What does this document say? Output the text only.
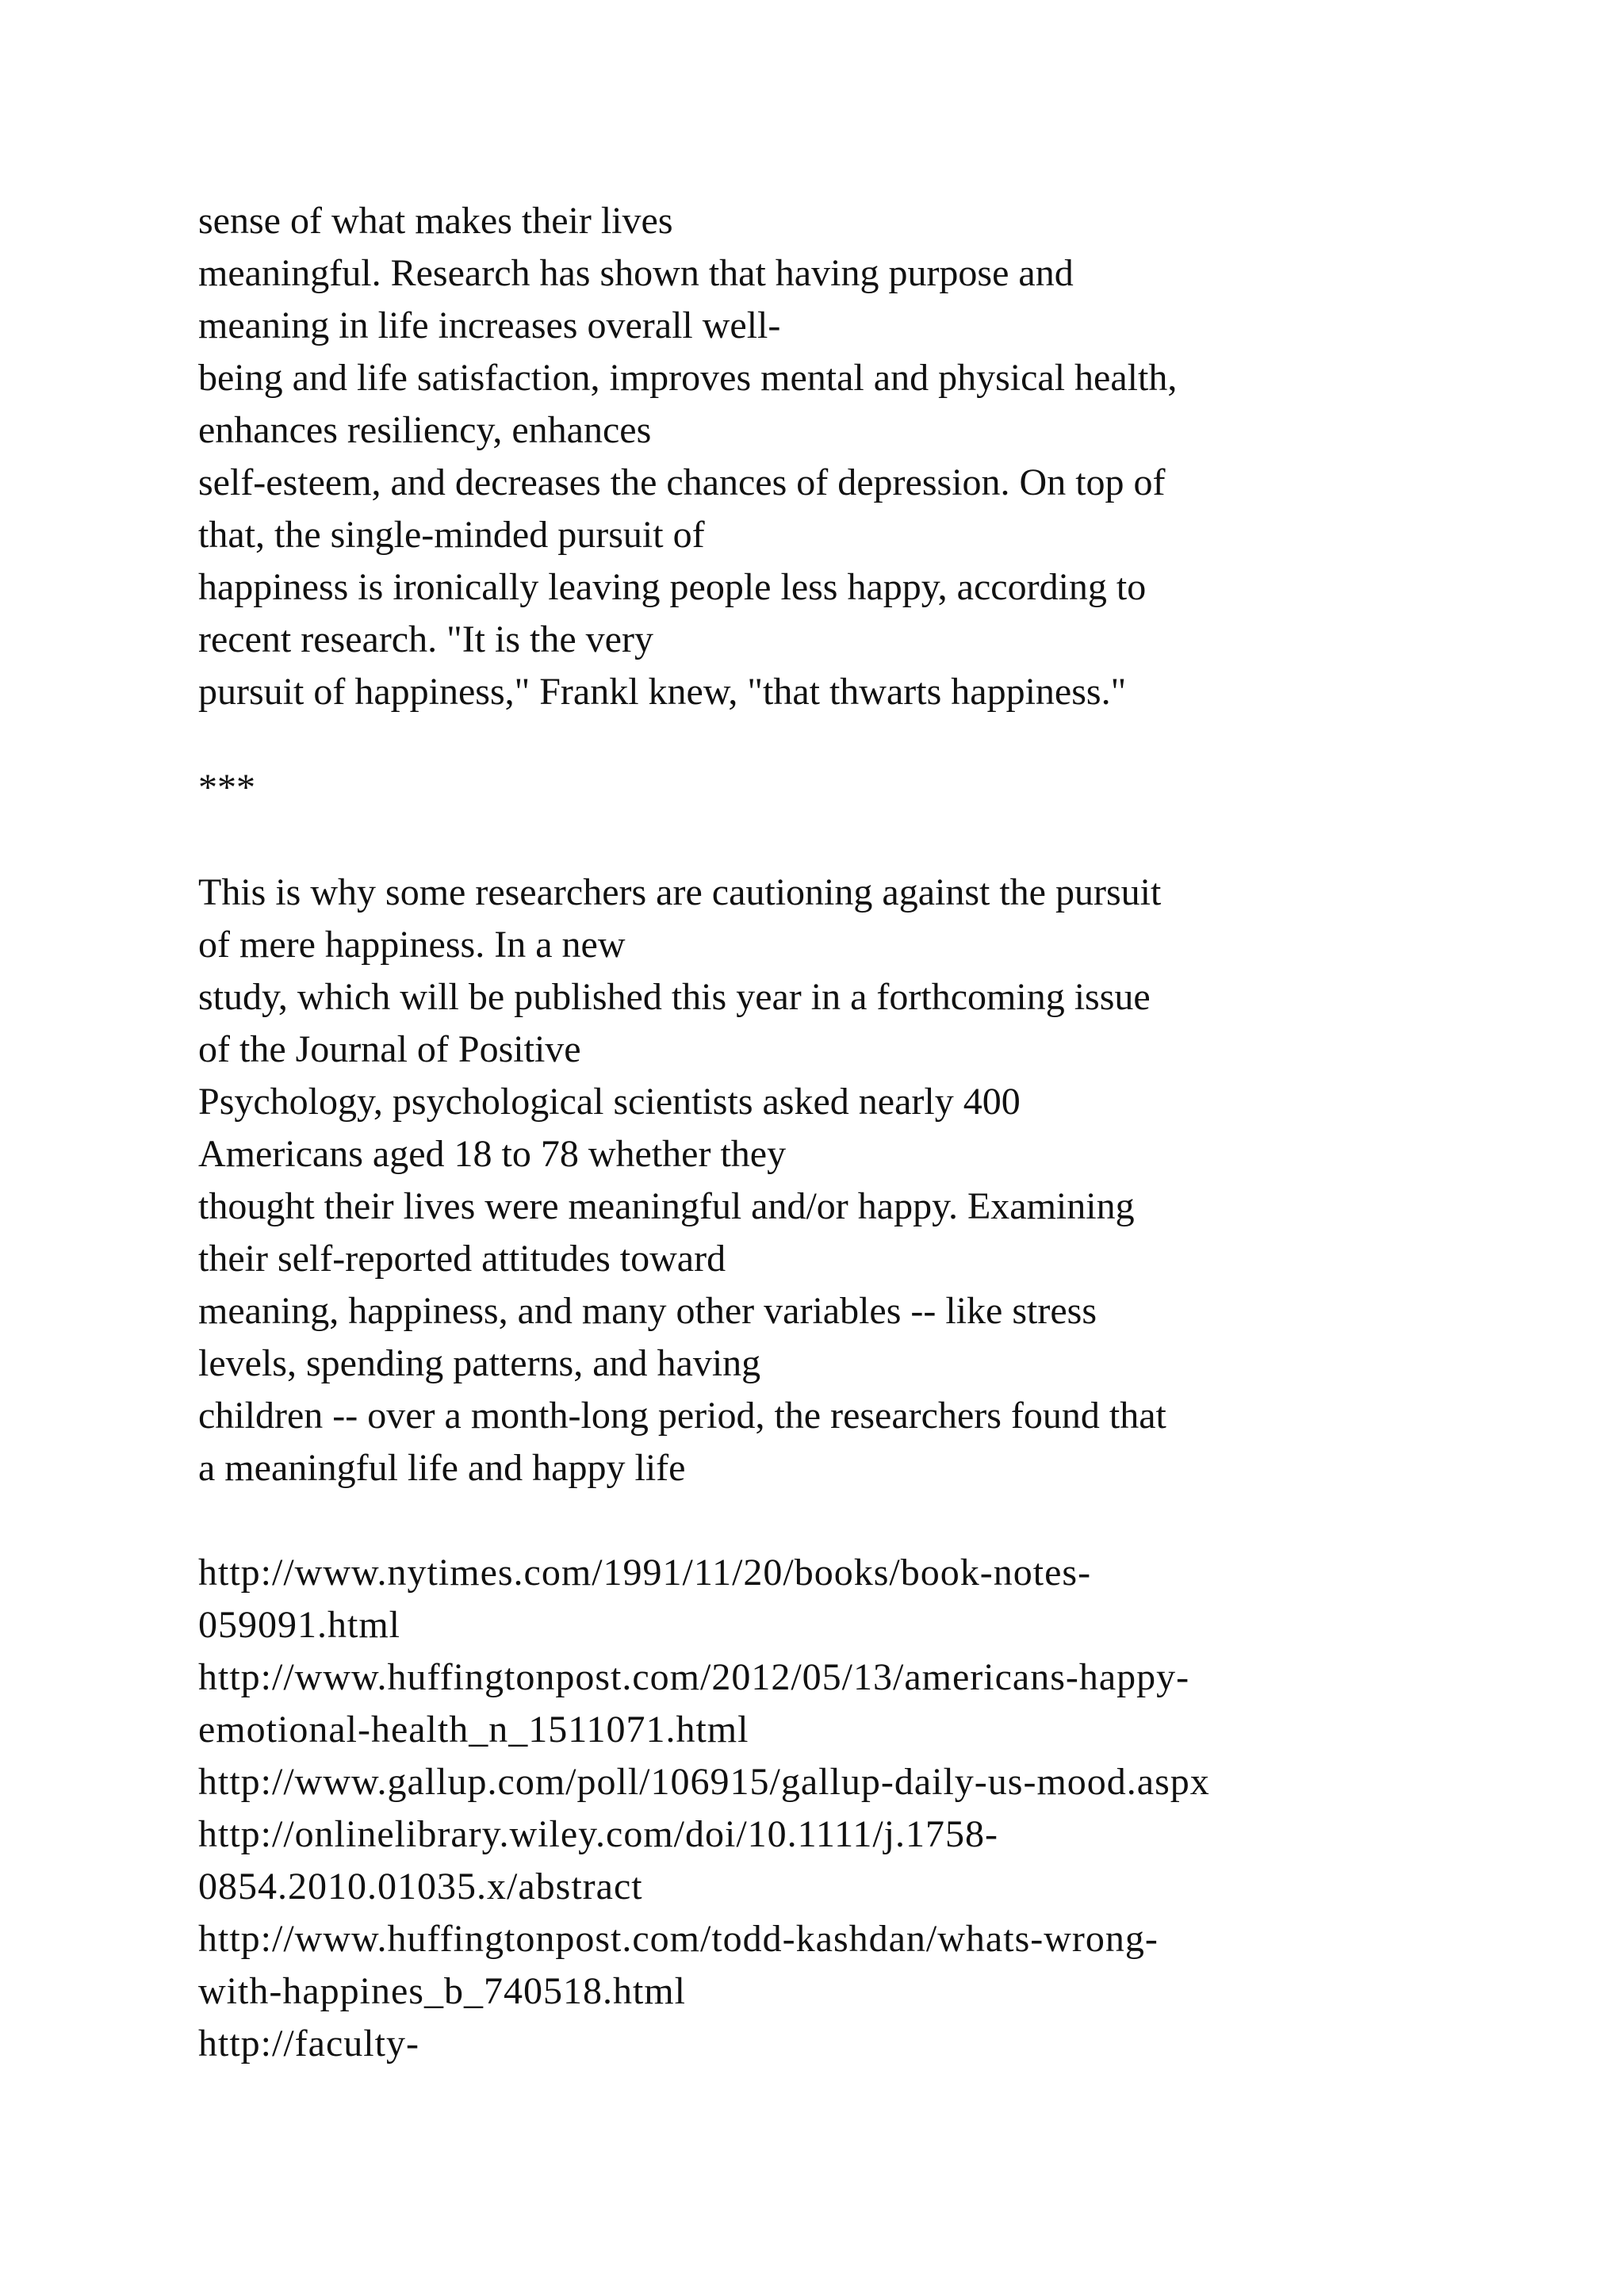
sense of what makes their lives
meaningful. Research has shown that having purpose and
meaning in life increases overall well-
being and life satisfaction, improves mental and physical health,
enhances resiliency, enhances
self-esteem, and decreases the chances of depression. On top of
that, the single-minded pursuit of
happiness is ironically leaving people less happy, according to
recent research. "It is the very
pursuit of happiness," Frankl knew, "that thwarts happiness."
***
This is why some researchers are cautioning against the pursuit
of mere happiness. In a new
study, which will be published this year in a forthcoming issue
of the Journal of Positive
Psychology, psychological scientists asked nearly 400
Americans aged 18 to 78 whether they
thought their lives were meaningful and/or happy. Examining
their self-reported attitudes toward
meaning, happiness, and many other variables -- like stress
levels, spending patterns, and having
children -- over a month-long period, the researchers found that
a meaningful life and happy life
http://www.nytimes.com/1991/11/20/books/book-notes-
059091.html
http://www.huffingtonpost.com/2012/05/13/americans-happy-
emotional-health_n_1511071.html
http://www.gallup.com/poll/106915/gallup-daily-us-mood.aspx
http://onlinelibrary.wiley.com/doi/10.1111/j.1758-
0854.2010.01035.x/abstract
http://www.huffingtonpost.com/todd-kashdan/whats-wrong-
with-happines_b_740518.html
http://faculty-
